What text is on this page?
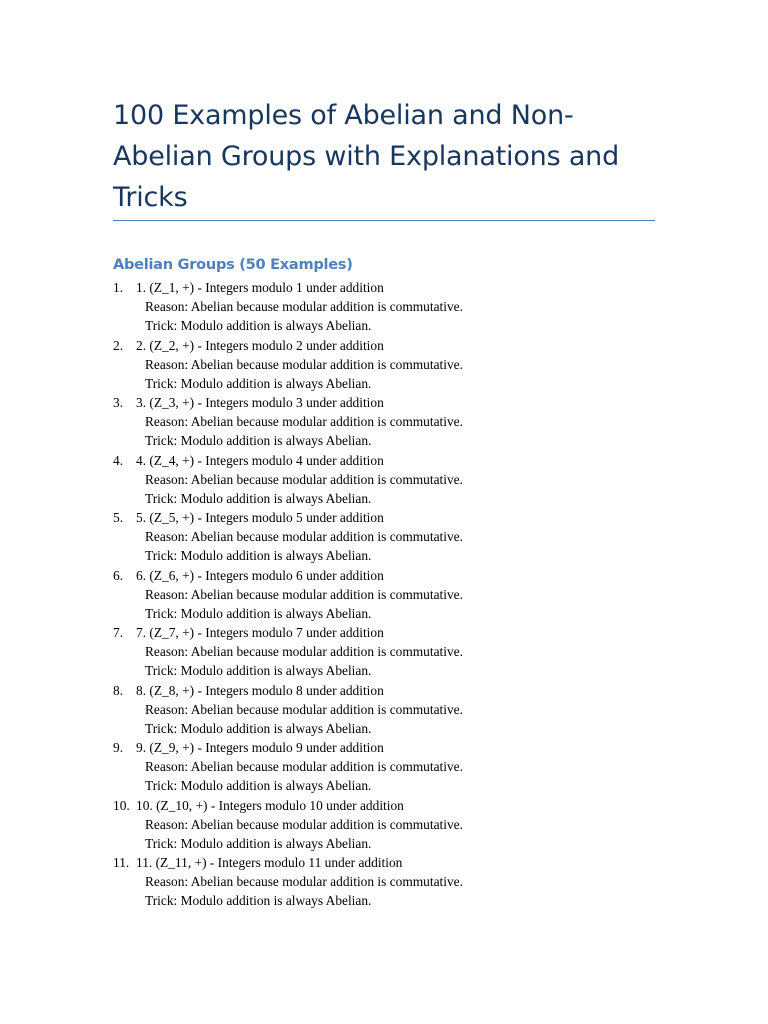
100 Examples of Abelian and Non-Abelian Groups with Explanations and Tricks
Abelian Groups (50 Examples)
1. 1. (Z_1, +) - Integers modulo 1 under addition
Reason: Abelian because modular addition is commutative.
Trick: Modulo addition is always Abelian.
2. 2. (Z_2, +) - Integers modulo 2 under addition
Reason: Abelian because modular addition is commutative.
Trick: Modulo addition is always Abelian.
3. 3. (Z_3, +) - Integers modulo 3 under addition
Reason: Abelian because modular addition is commutative.
Trick: Modulo addition is always Abelian.
4. 4. (Z_4, +) - Integers modulo 4 under addition
Reason: Abelian because modular addition is commutative.
Trick: Modulo addition is always Abelian.
5. 5. (Z_5, +) - Integers modulo 5 under addition
Reason: Abelian because modular addition is commutative.
Trick: Modulo addition is always Abelian.
6. 6. (Z_6, +) - Integers modulo 6 under addition
Reason: Abelian because modular addition is commutative.
Trick: Modulo addition is always Abelian.
7. 7. (Z_7, +) - Integers modulo 7 under addition
Reason: Abelian because modular addition is commutative.
Trick: Modulo addition is always Abelian.
8. 8. (Z_8, +) - Integers modulo 8 under addition
Reason: Abelian because modular addition is commutative.
Trick: Modulo addition is always Abelian.
9. 9. (Z_9, +) - Integers modulo 9 under addition
Reason: Abelian because modular addition is commutative.
Trick: Modulo addition is always Abelian.
10. 10. (Z_10, +) - Integers modulo 10 under addition
Reason: Abelian because modular addition is commutative.
Trick: Modulo addition is always Abelian.
11. 11. (Z_11, +) - Integers modulo 11 under addition
Reason: Abelian because modular addition is commutative.
Trick: Modulo addition is always Abelian.
